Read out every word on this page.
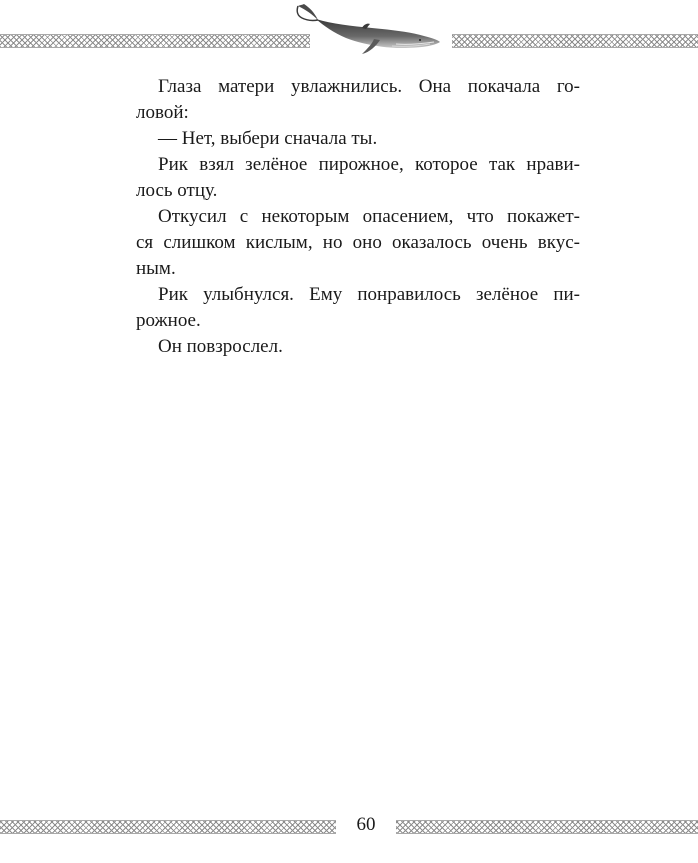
Глаза матери увлажнились. Она покачала го-
ловой:

— Нет, выбери сначала ты.

Рик взял зелёное пирожное, которое так нрави-
лось отцу.

Откусил с некоторым опасением, что покажет-
ся слишком кислым, но оно оказалось очень вкус-
ным.

Рик улыбнулся. Ему понравилось зелёное пи-
рожное.

Он повзрослел.

60
